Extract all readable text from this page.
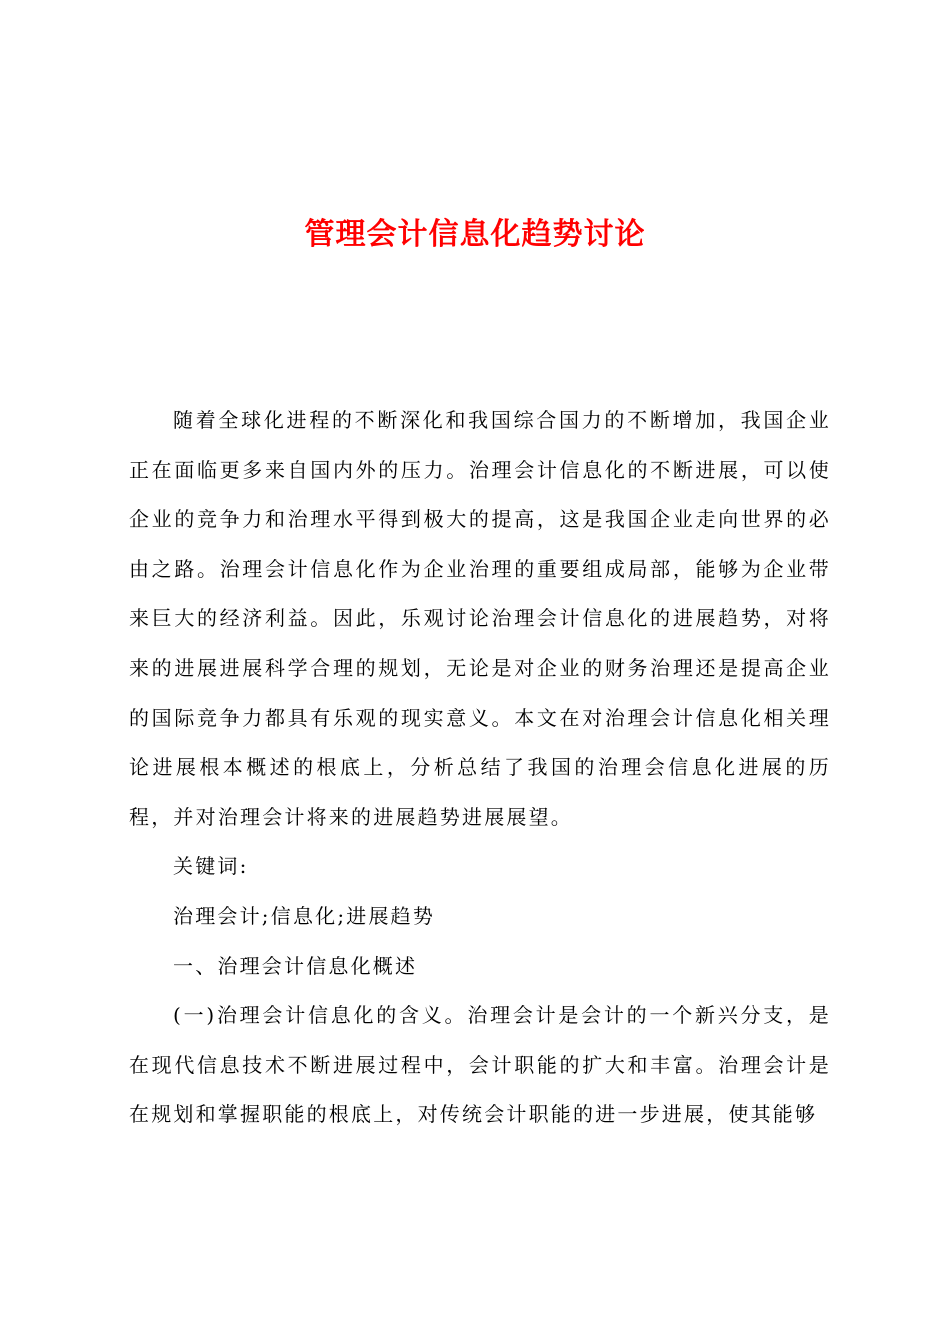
管理会计信息化趋势讨论

随着全球化进程的不断深化和我国综合国力的不断增加，我国企业正在面临更多来自国内外的压力。治理会计信息化的不断进展，可以使企业的竞争力和治理水平得到极大的提高，这是我国企业走向世界的必由之路。治理会计信息化作为企业治理的重要组成局部，能够为企业带来巨大的经济利益。因此，乐观讨论治理会计信息化的进展趋势，对将来的进展进展科学合理的规划，无论是对企业的财务治理还是提高企业的国际竞争力都具有乐观的现实意义。本文在对治理会计信息化相关理论进展根本概述的根底上，分析总结了我国的治理会信息化进展的历程，并对治理会计将来的进展趋势进展展望。

关键词:

治理会计;信息化;进展趋势

一、治理会计信息化概述

(一)治理会计信息化的含义。治理会计是会计的一个新兴分支，是在现代信息技术不断进展过程中，会计职能的扩大和丰富。治理会计是在规划和掌握职能的根底上，对传统会计职能的进一步进展，使其能够
